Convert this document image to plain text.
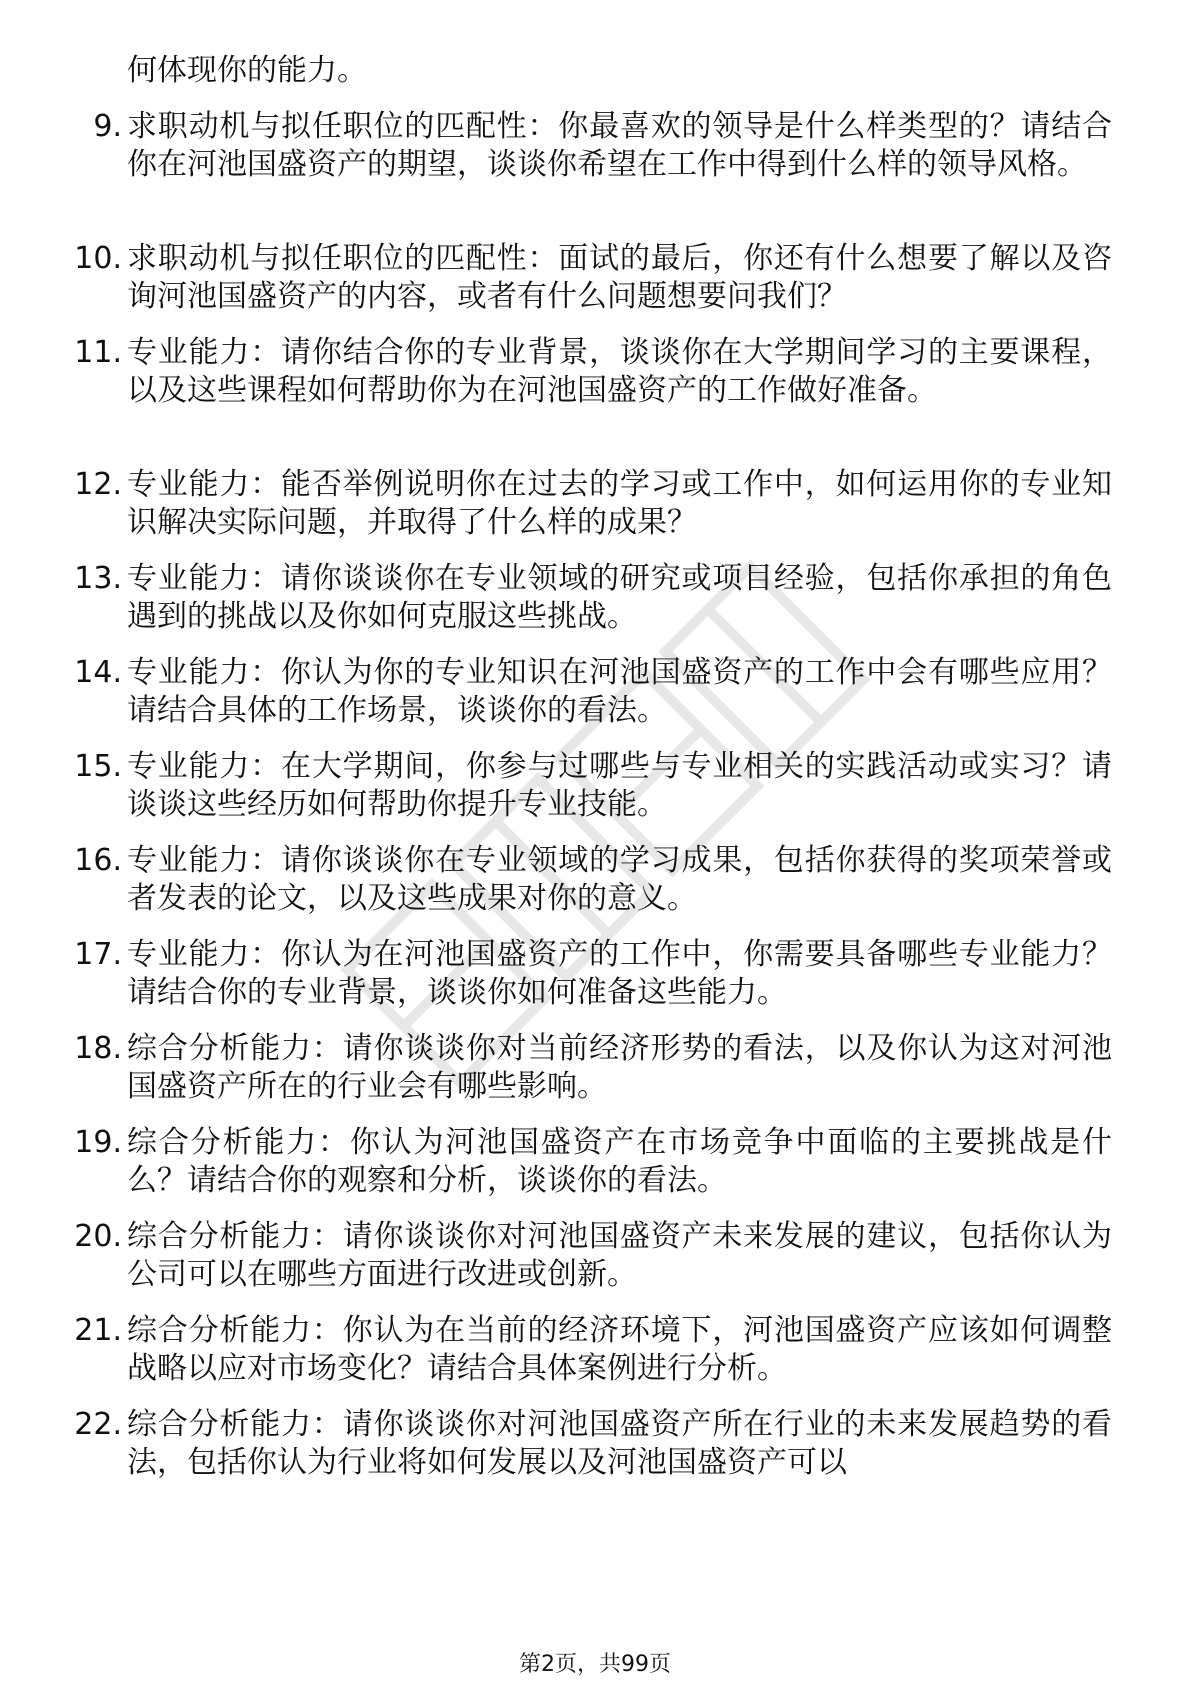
何体现你的能力。
9. 求职动机与拟任职位的匹配性：你最喜欢的领导是什么样类型的？请结合你在河池国盛资产的期望，谈谈你希望在工作中得到什么样的领导风格。
10. 求职动机与拟任职位的匹配性：面试的最后，你还有什么想要了解以及咨询河池国盛资产的内容，或者有什么问题想要问我们？
11. 专业能力：请你结合你的专业背景，谈谈你在大学期间学习的主要课程，以及这些课程如何帮助你为在河池国盛资产的工作做好准备。
12. 专业能力：能否举例说明你在过去的学习或工作中，如何运用你的专业知识解决实际问题，并取得了什么样的成果？
13. 专业能力：请你谈谈你在专业领域的研究或项目经验，包括你承担的角色遇到的挑战以及你如何克服这些挑战。
14. 专业能力：你认为你的专业知识在河池国盛资产的工作中会有哪些应用？请结合具体的工作场景，谈谈你的看法。
15. 专业能力：在大学期间，你参与过哪些与专业相关的实践活动或实习？请谈谈这些经历如何帮助你提升专业技能。
16. 专业能力：请你谈谈你在专业领域的学习成果，包括你获得的奖项荣誉或者发表的论文，以及这些成果对你的意义。
17. 专业能力：你认为在河池国盛资产的工作中，你需要具备哪些专业能力？请结合你的专业背景，谈谈你如何准备这些能力。
18. 综合分析能力：请你谈谈你对当前经济形势的看法，以及你认为这对河池国盛资产所在的行业会有哪些影响。
19. 综合分析能力：你认为河池国盛资产在市场竞争中面临的主要挑战是什么？请结合你的观察和分析，谈谈你的看法。
20. 综合分析能力：请你谈谈你对河池国盛资产未来发展的建议，包括你认为公司可以在哪些方面进行改进或创新。
21. 综合分析能力：你认为在当前的经济环境下，河池国盛资产应该如何调整战略以应对市场变化？请结合具体案例进行分析。
22. 综合分析能力：请你谈谈你对河池国盛资产所在行业的未来发展趋势的看法，包括你认为行业将如何发展以及河池国盛资产可以
第2页，共99页
